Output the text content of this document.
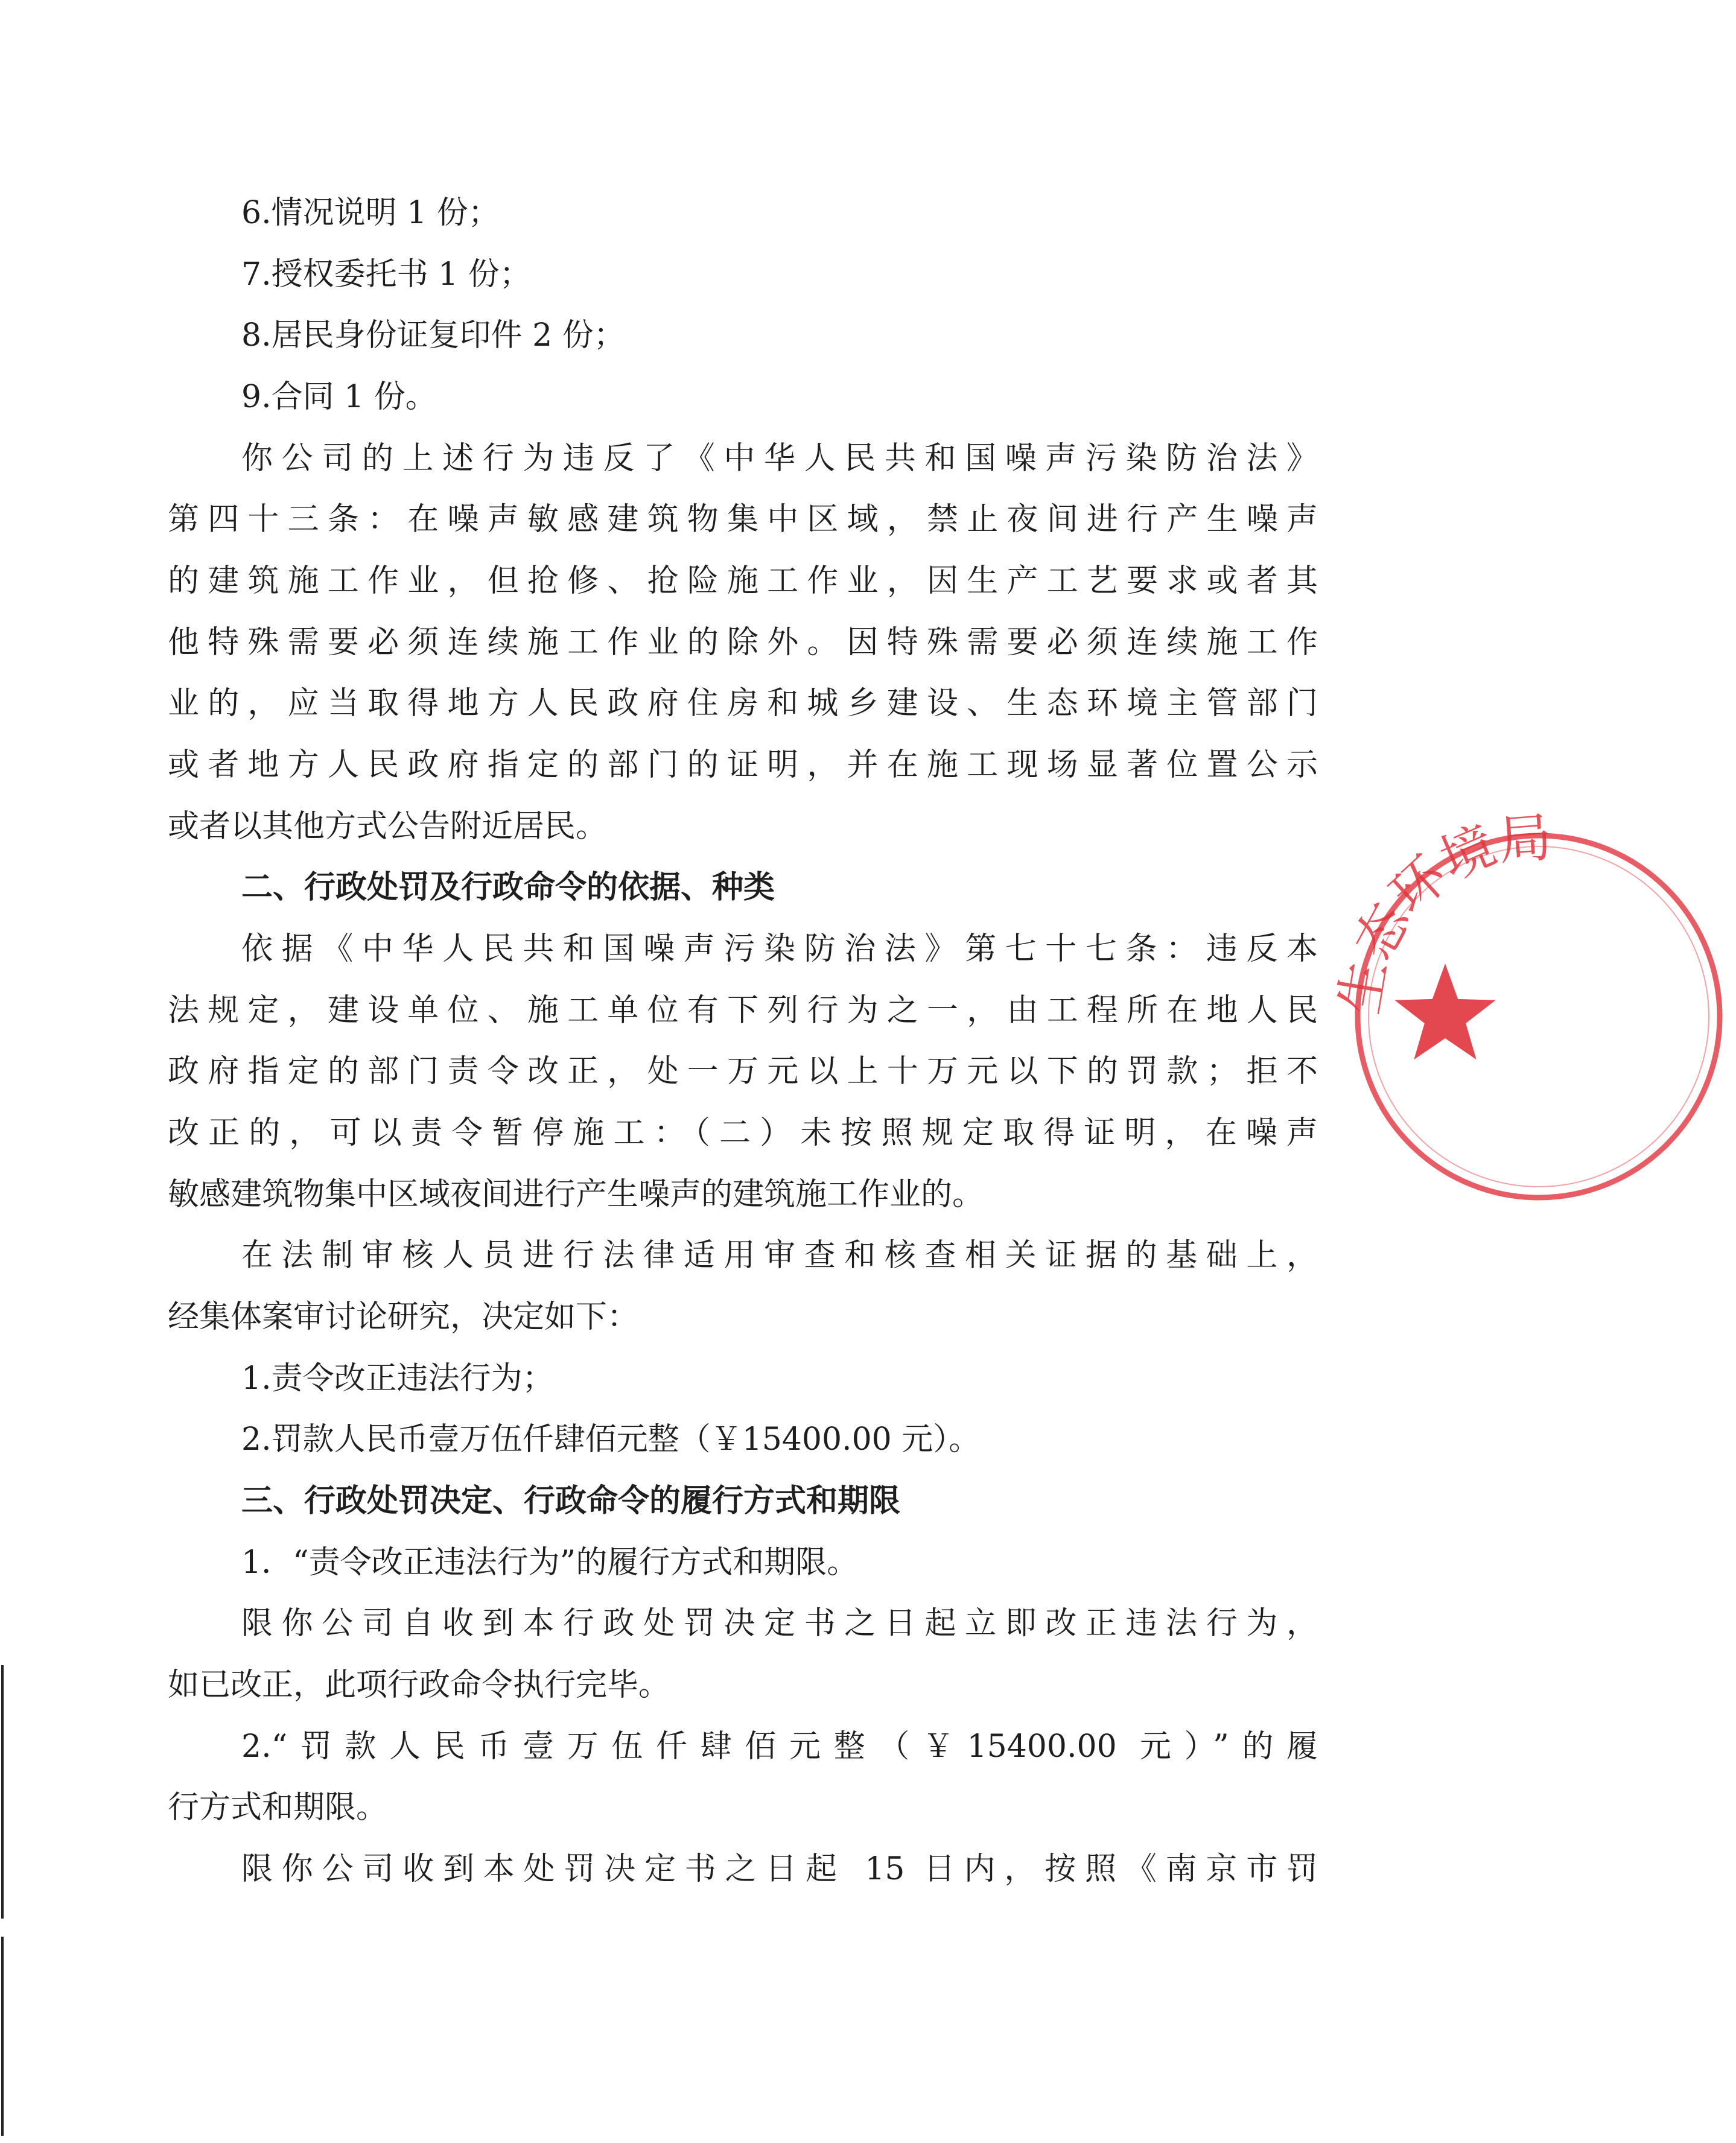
6.情况说明 1 份；
7.授权委托书 1 份；
8.居民身份证复印件 2 份；
9.合同 1 份。
你公司的上述行为违反了《中华人民共和国噪声污染防治法》
第四十三条：在噪声敏感建筑物集中区域，禁止夜间进行产生噪声
的建筑施工作业，但抢修、抢险施工作业，因生产工艺要求或者其
他特殊需要必须连续施工作业的除外。因特殊需要必须连续施工作
业的，应当取得地方人民政府住房和城乡建设、生态环境主管部门
或者地方人民政府指定的部门的证明，并在施工现场显著位置公示
或者以其他方式公告附近居民。
二、行政处罚及行政命令的依据、种类
依据《中华人民共和国噪声污染防治法》第七十七条：违反本
法规定，建设单位、施工单位有下列行为之一，由工程所在地人民
政府指定的部门责令改正，处一万元以上十万元以下的罚款；拒不
改正的，可以责令暂停施工：（二）未按照规定取得证明，在噪声
敏感建筑物集中区域夜间进行产生噪声的建筑施工作业的。
在法制审核人员进行法律适用审查和核查相关证据的基础上，
经集体案审讨论研究，决定如下：
1.责令改正违法行为；
2.罚款人民币壹万伍仟肆佰元整（￥15400.00 元）。
三、行政处罚决定、行政命令的履行方式和期限
1．“责令改正违法行为”的履行方式和期限。
限你公司自收到本行政处罚决定书之日起立即改正违法行为，
如已改正，此项行政命令执行完毕。
2.“罚款人民币壹万伍仟肆佰元整（￥15400.00 元）”的履
行方式和期限。
限你公司收到本处罚决定书之日起 15 日内，按照《南京市罚
生态环境局
